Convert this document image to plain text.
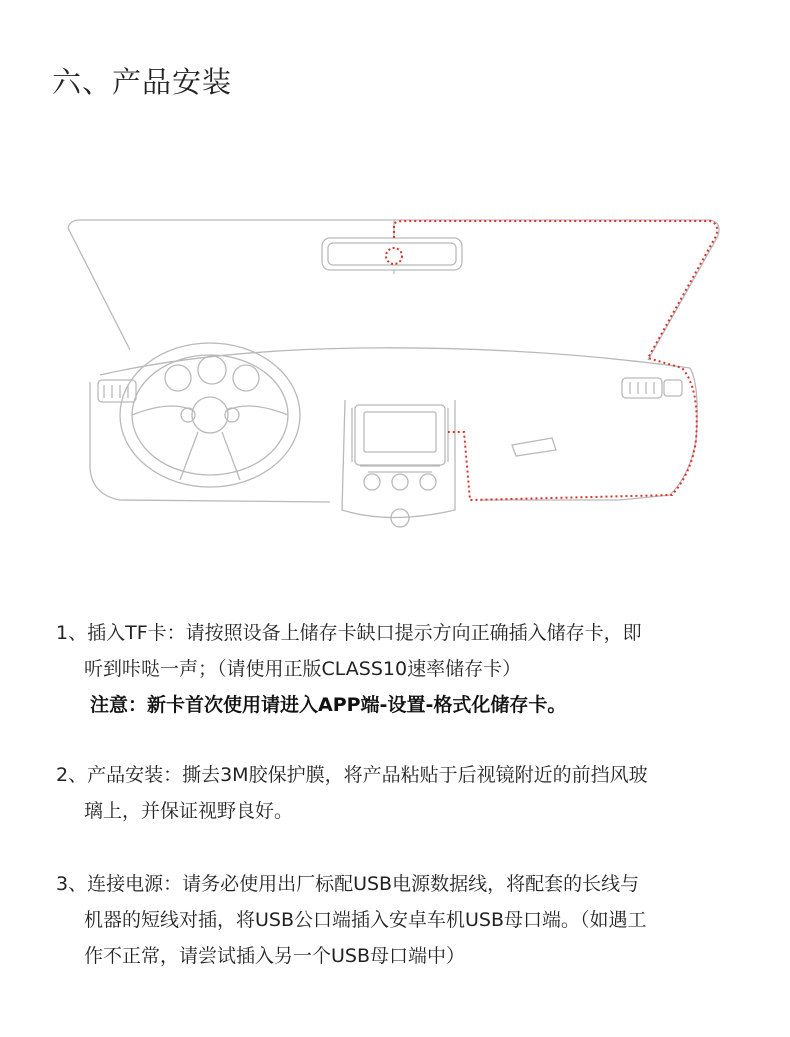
六、产品安装
1、插入TF卡：请按照设备上储存卡缺口提示方向正确插入储存卡，即
听到咔哒一声；（请使用正版CLASS10速率储存卡）
注意：新卡首次使用请进入APP端-设置-格式化储存卡。
2、产品安装：撕去3M胶保护膜，将产品粘贴于后视镜附近的前挡风玻
璃上，并保证视野良好。
3、连接电源：请务必使用出厂标配USB电源数据线，将配套的长线与
机器的短线对插，将USB公口端插入安卓车机USB母口端。（如遇工
作不正常，请尝试插入另一个USB母口端中）
